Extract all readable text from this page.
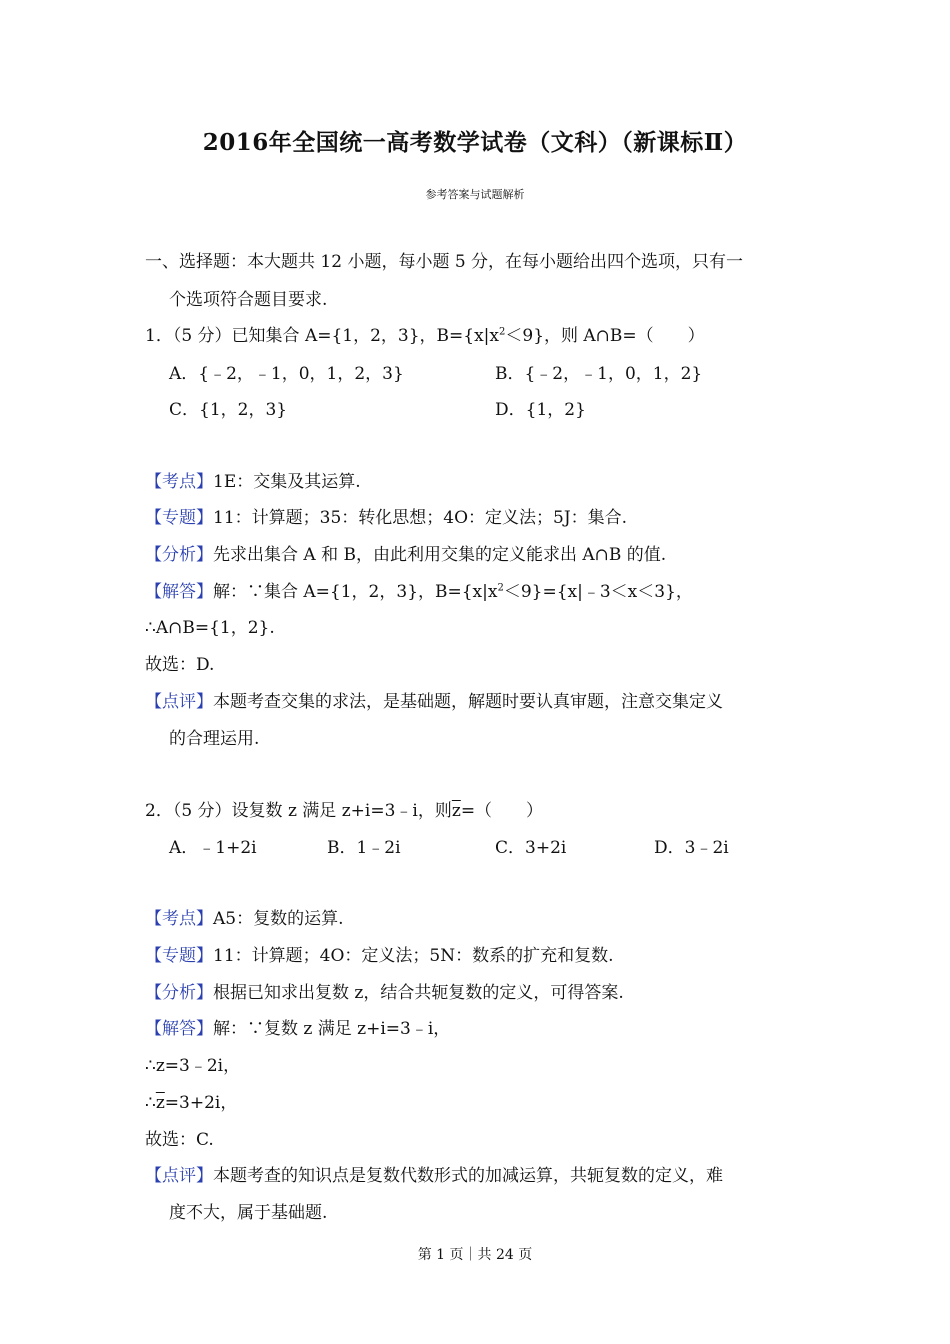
2016年全国统一高考数学试卷（文科）（新课标Ⅱ）
参考答案与试题解析
一、选择题：本大题共 12 小题，每小题 5 分，在每小题给出四个选项，只有一
个选项符合题目要求.
1．（5 分）已知集合 A={1，2，3}，$B=\{x|x^2<9\}$，则 A∩B=（　　）
A．{﹣2，﹣1，0，1，2，3}	B．{﹣2，﹣1，0，1，2}
C．{1，2，3}	D．{1，2}
【考点】1E：交集及其运算.
【专题】11：计算题；35：转化思想；4O：定义法；5J：集合.
【分析】先求出集合 A 和 B，由此利用交集的定义能求出 A∩B 的值.
【解答】解：∵集合 A={1，2，3}，$B=\{x|x^2<9\}=\{x|﹣3<x<3\}$，
∴A∩B={1，2}.
故选：D.
【点评】本题考查交集的求法，是基础题，解题时要认真审题，注意交集定义
的合理运用.
2．（5 分）设复数 z 满足 z+i=3﹣i，则$\overline{z}=$（　　）
A．﹣1+2i	B．1﹣2i	C．3+2i	D．3﹣2i
【考点】A5：复数的运算.
【专题】11：计算题；4O：定义法；5N：数系的扩充和复数.
【分析】根据已知求出复数 z，结合共轭复数的定义，可得答案.
【解答】解：∵复数 z 满足 z+i=3﹣i，
∴z=3﹣2i，
$\therefore\overline{z}=3+2i$，
故选：C.
【点评】本题考查的知识点是复数代数形式的加减运算，共轭复数的定义，难
度不大，属于基础题.
第 1 页｜共 24 页
